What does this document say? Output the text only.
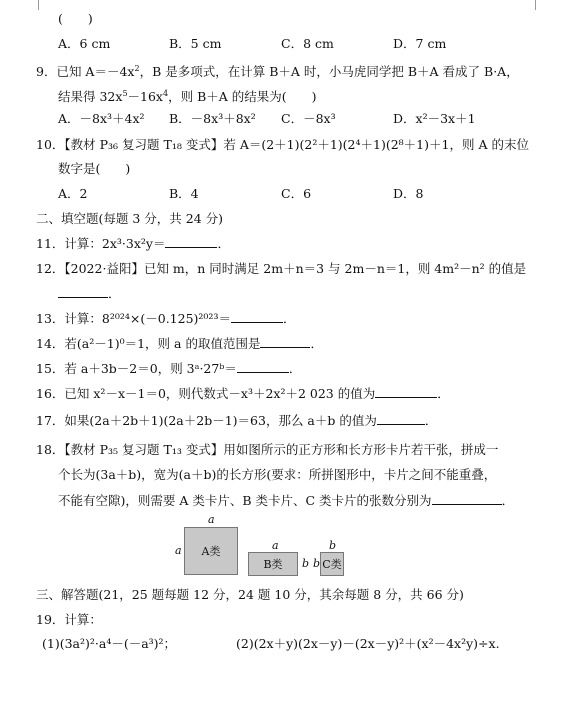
(　　)
A．6 cm	B．5 cm	C．8 cm	D．7 cm
9．已知 $A=-4x^2$，B 是多项式，在计算 B＋A 时，小马虎同学把 B＋A 看成了 B·A，
结果得 $32x^5-16x^4$，则 B＋A 的结果为(　　)
A．－8x³＋4x² B．－8x³＋8x² C．－8x³	D．x²－3x＋1
10．【教材 P₃₆ 复习题 T₁₈ 变式】若 A＝(2＋1)(2²＋1)(2⁴＋1)(2⁸＋1)＋1，则 A 的末位
数字是(　　)
A．2	B．4	C．6	D．8
二、填空题(每题 3 分，共 24 分)
11．计算：2x³·3x²y＝	．
12．【2022·益阳】已知 m，n 同时满足 2m＋n＝3 与 2m－n＝1，则 4m²－n² 的值是
．
13．计算：8²⁰²⁴×(－0.125)²⁰²³＝	．
14．若(a²－1)⁰＝1，则 a 的取值范围是	．
15．若 a＋3b－2＝0，则 3ᵃ·27ᵇ＝	．
16．已知 x²－x－1＝0，则代数式－x³＋2x²＋2 023 的值为	．
17．如果(2a＋2b＋1)(2a＋2b－1)＝63，那么 a＋b 的值为	．
18．【教材 P₃₅ 复习题 T₁₃ 变式】用如图所示的正方形和长方形卡片若干张，拼成一
个长为(3a＋b)，宽为(a＋b)的长方形(要求：所拼图形中，卡片之间不能重叠，
不能有空隙)，则需要 A 类卡片、B 类卡片、C 类卡片的张数分别为	．
a
a	A类	a
B类	b
b
b C类
三、解答题(21，25 题每题 12 分，24 题 10 分，其余每题 8 分，共 66 分)
19．计算：
(1)(3a²)²·a⁴－(－a³)²；	(2)(2x＋y)(2x－y)－(2x－y)²＋(x²－4x²y)÷x.
